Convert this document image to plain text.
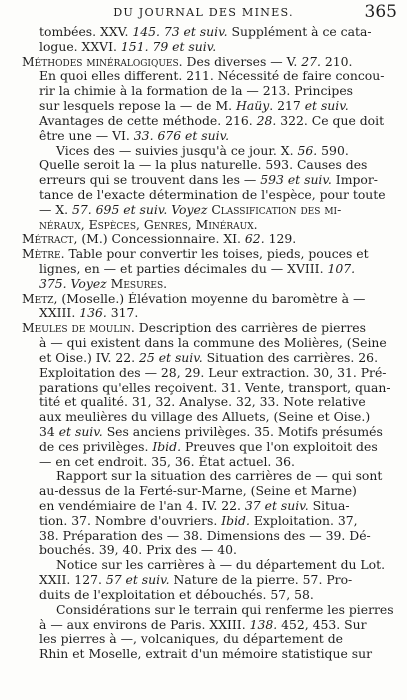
DU JOURNAL DES MINES.	365
tombées. XXV. 145. 73 et suiv. Supplément à ce cata-
logue. XXVI. 151. 79 et suiv.
Méthodes minéralogiques. Des diverses — V. 27. 210.
En quoi elles different. 211. Nécessité de faire concou-
rir la chimie à la formation de la — 213. Principes
sur lesquels repose la — de M. Haüy. 217 et suiv.
Avantages de cette méthode. 216. 28. 322. Ce que doit
être une — VI. 33. 676 et suiv.
Vices des — suivies jusqu'à ce jour. X. 56. 590.
Quelle seroit la — la plus naturelle. 593. Causes des
erreurs qui se trouvent dans les — 593 et suiv. Impor-
tance de l'exacte détermination de l'espèce, pour toute
— X. 57. 695 et suiv. Voyez Classification des mi-
néraux, Espèces, Genres, Minéraux.
Métract, (M.) Concessionnaire. XI. 62. 129.
Mètre. Table pour convertir les toises, pieds, pouces et
lignes, en — et parties décimales du — XVIII. 107.
375. Voyez Mesures.
Metz, (Moselle.) Élévation moyenne du baromètre à —
XXIII. 136. 317.
Meules de moulin. Description des carrières de pierres
à — qui existent dans la commune des Molières, (Seine
et Oise.) IV. 22. 25 et suiv. Situation des carrières. 26.
Exploitation des — 28, 29. Leur extraction. 30, 31. Pré-
parations qu'elles reçoivent. 31. Vente, transport, quan-
tité et qualité. 31, 32. Analyse. 32, 33. Note relative
aux meulières du village des Alluets, (Seine et Oise.)
34 et suiv. Ses anciens privilèges. 35. Motifs présumés
de ces privilèges. Ibid. Preuves que l'on exploitoit des
— en cet endroit. 35, 36. État actuel. 36.
Rapport sur la situation des carrières de — qui sont
au-dessus de la Ferté-sur-Marne, (Seine et Marne)
en vendémiaire de l'an 4. IV. 22. 37 et suiv. Situa-
tion. 37. Nombre d'ouvriers. Ibid. Exploitation. 37,
38. Préparation des — 38. Dimensions des — 39. Dé-
bouchés. 39, 40. Prix des — 40.
Notice sur les carrières à — du département du Lot.
XXII. 127. 57 et suiv. Nature de la pierre. 57. Pro-
duits de l'exploitation et débouchés. 57, 58.
Considérations sur le terrain qui renferme les pierres
à — aux environs de Paris. XXIII. 138. 452, 453. Sur
les pierres à —, volcaniques, du département de
Rhin et Moselle, extrait d'un mémoire statistique sur
